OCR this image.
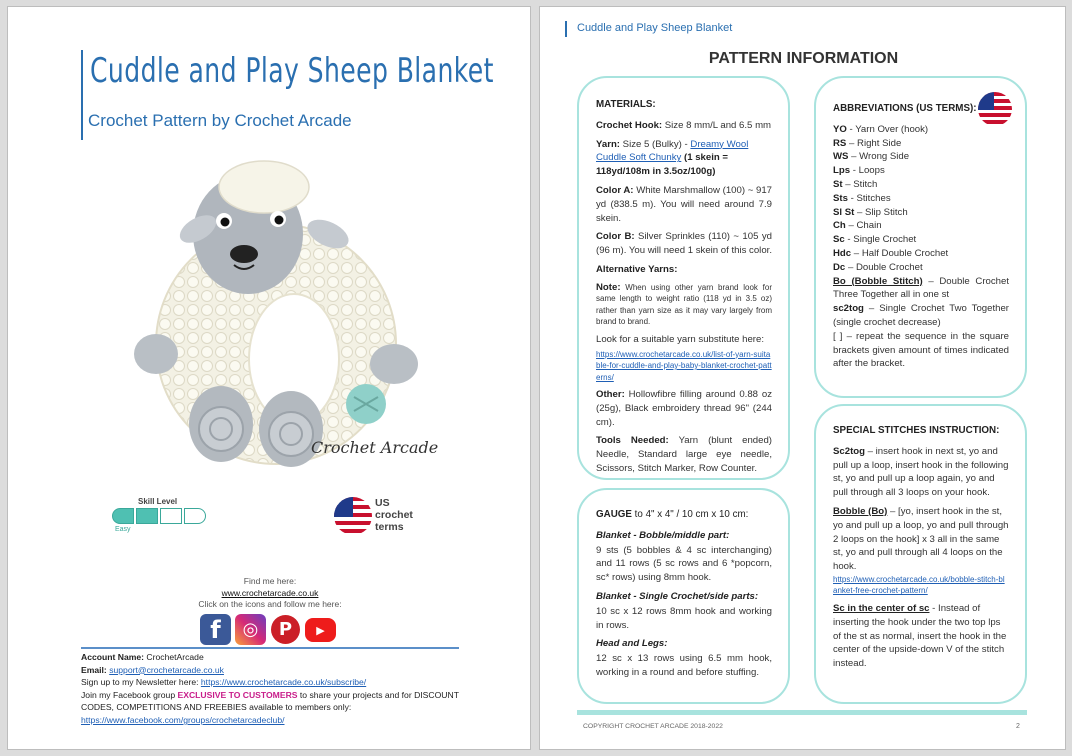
Cuddle and Play Sheep Blanket
Crochet Pattern by Crochet Arcade
Crochet Arcade
Skill Level
Easy
US
crochet
terms
Find me here:
www.crochetarcade.co.uk
Click on the icons and follow me here:
f	◎	P	▶
Account Name: CrochetArcade
Email: support@crochetarcade.co.uk
Sign up to my Newsletter here: https://www.crochetarcade.co.uk/subscribe/
Join my Facebook group EXCLUSIVE TO CUSTOMERS to share your projects and for DISCOUNT CODES, COMPETITIONS AND FREEBIES available to members only:
https://www.facebook.com/groups/crochetarcadeclub/
Cuddle and Play Sheep Blanket
PATTERN INFORMATION

MATERIALS:

Crochet Hook: Size 8 mm/L and 6.5 mm

Yarn: Size 5 (Bulky) - Dreamy Wool Cuddle Soft Chunky (1 skein = 118yd/108m in 3.5oz/100g)

Color A: White Marshmallow (100) ~ 917 yd (838.5 m). You will need around 7.9 skein.

Color B: Silver Sprinkles (110) ~ 105 yd (96 m). You will need 1 skein of this color.

Alternative Yarns:

Note: When using other yarn brand look for same length to weight ratio (118 yd in 3.5 oz) rather than yarn size as it may vary largely from brand to brand.

Look for a suitable yarn substitute here:

https://www.crochetarcade.co.uk/list-of-yarn-suitable-for-cuddle-and-play-baby-blanket-crochet-patterns/

Other: Hollowfibre filling around 0.88 oz (25g), Black embroidery thread 96" (244 cm).

Tools Needed: Yarn (blunt ended) Needle, Standard large eye needle, Scissors, Stitch Marker, Row Counter.

GAUGE to 4" x 4" / 10 cm x 10 cm:

Blanket - Bobble/middle part:

9 sts (5 bobbles & 4 sc interchanging) and 11 rows (5 sc rows and 6 *popcorn, sc* rows) using 8mm hook.

Blanket - Single Crochet/side parts:

10 sc x 12 rows 8mm hook and working in rows.

Head and Legs:

12 sc x 13 rows using 6.5 mm hook, working in a round and before stuffing.

ABBREVIATIONS (US TERMS):

YO - Yarn Over (hook)
RS – Right Side
WS – Wrong Side
Lps - Loops
St – Stitch
Sts - Stitches
Sl St – Slip Stitch
Ch – Chain
Sc - Single Crochet
Hdc – Half Double Crochet
Dc – Double Crochet

Bo (Bobble Stitch) – Double Crochet Three Together all in one st

sc2tog – Single Crochet Two Together (single crochet decrease)

[ ] – repeat the sequence in the square brackets given amount of times indicated after the bracket.

SPECIAL STITCHES INSTRUCTION:

Sc2tog – insert hook in next st, yo and pull up a loop, insert hook in the following st, yo and pull up a loop again, yo and pull through all 3 loops on your hook.

Bobble (Bo) – [yo, insert hook in the st, yo and pull up a loop, yo and pull through 2 loops on the hook] x 3 all in the same st, yo and pull through all 4 loops on the hook.

https://www.crochetarcade.co.uk/bobble-stitch-blanket-free-crochet-pattern/

Sc in the center of sc - Instead of inserting the hook under the two top lps of the st as normal, insert the hook in the center of the upside-down V of the stitch instead.

COPYRIGHT CROCHET ARCADE 2018-2022	2
